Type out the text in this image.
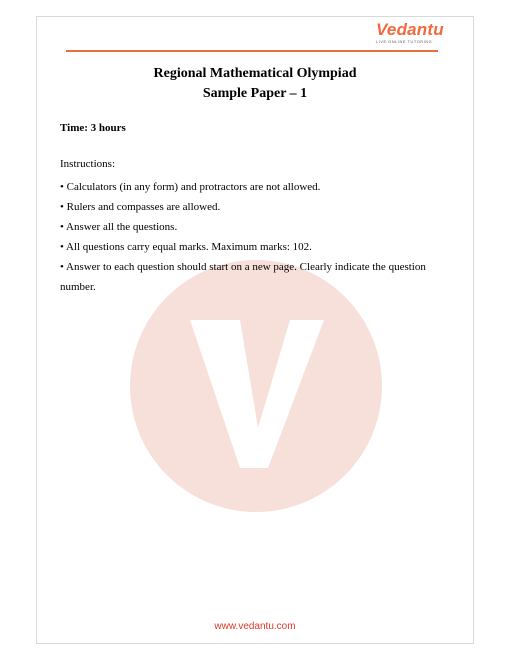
Vedantu
LIVE ONLINE TUTORING
Regional Mathematical Olympiad
Sample Paper – 1
Time: 3 hours
Instructions:
• Calculators (in any form) and protractors are not allowed.
• Rulers and compasses are allowed.
• Answer all the questions.
• All questions carry equal marks. Maximum marks: 102.
• Answer to each question should start on a new page. Clearly indicate the question number.
www.vedantu.com
